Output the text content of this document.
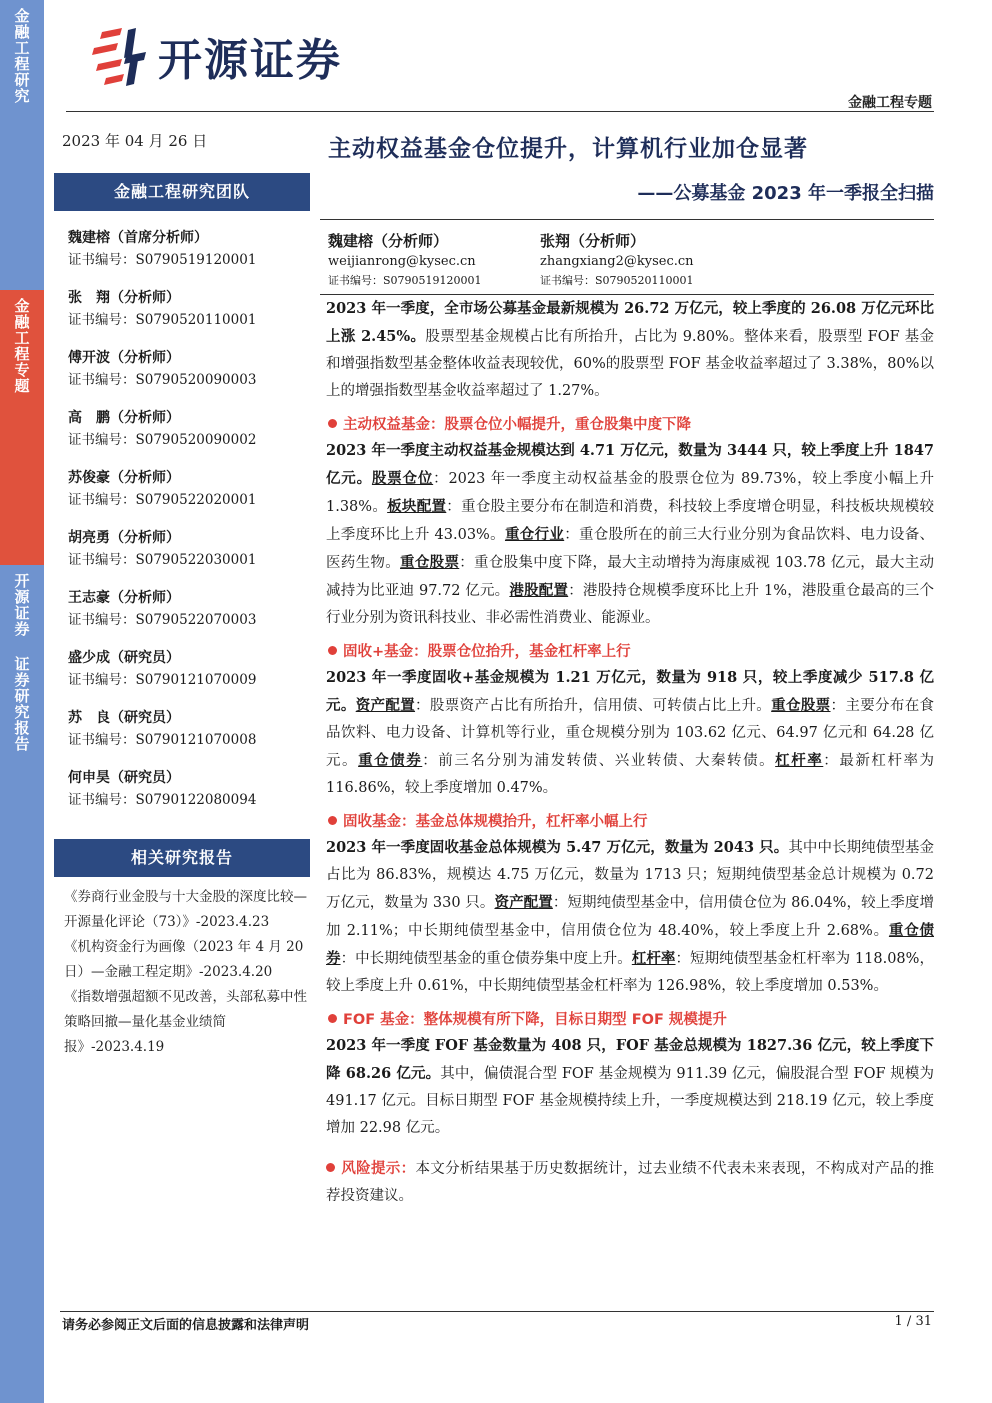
金融工程研究
金融工程专题
开源证券 证券研究报告
开源证券
金融工程专题
2023 年 04 月 26 日
金融工程研究团队
魏建榕（首席分析师）
证书编号：S0790519120001
张　翔（分析师）
证书编号：S0790520110001
傅开波（分析师）
证书编号：S0790520090003
高　鹏（分析师）
证书编号：S0790520090002
苏俊豪（分析师）
证书编号：S0790522020001
胡亮勇（分析师）
证书编号：S0790522030001
王志豪（分析师）
证书编号：S0790522070003
盛少成（研究员）
证书编号：S0790121070009
苏　良（研究员）
证书编号：S0790121070008
何申昊（研究员）
证书编号：S0790122080094
相关研究报告
《券商行业金股与十大金股的深度比较—开源量化评论（73）》-2023.4.23
《机构资金行为画像（2023 年 4 月 20 日）—金融工程定期》-2023.4.20
《指数增强超额不见改善，头部私募中性策略回撤—量化基金业绩简报》-2023.4.19
主动权益基金仓位提升，计算机行业加仓显著
——公募基金 2023 年一季报全扫描
魏建榕（分析师）
weijianrong@kysec.cn
证书编号：S0790519120001
张翔（分析师）
zhangxiang2@kysec.cn
证书编号：S0790520110001
2023 年一季度，全市场公募基金最新规模为 26.72 万亿元，较上季度的 26.08 万亿元环比上涨 2.45%。股票型基金规模占比有所抬升，占比为 9.80%。整体来看，股票型 FOF 基金和增强指数型基金整体收益表现较优，60%的股票型 FOF 基金收益率超过了 3.38%，80%以上的增强指数型基金收益率超过了 1.27%。
主动权益基金：股票仓位小幅提升，重仓股集中度下降
2023 年一季度主动权益基金规模达到 4.71 万亿元，数量为 3444 只，较上季度上升 1847 亿元。股票仓位：2023 年一季度主动权益基金的股票仓位为 89.73%，较上季度小幅上升 1.38%。板块配置：重仓股主要分布在制造和消费，科技较上季度增仓明显，科技板块规模较上季度环比上升 43.03%。重仓行业：重仓股所在的前三大行业分别为食品饮料、电力设备、医药生物。重仓股票：重仓股集中度下降，最大主动增持为海康威视 103.78 亿元，最大主动减持为比亚迪 97.72 亿元。港股配置：港股持仓规模季度环比上升 1%，港股重仓最高的三个行业分别为资讯科技业、非必需性消费业、能源业。
固收+基金：股票仓位抬升，基金杠杆率上行
2023 年一季度固收+基金规模为 1.21 万亿元，数量为 918 只，较上季度减少 517.8 亿元。资产配置：股票资产占比有所抬升，信用债、可转债占比上升。重仓股票：主要分布在食品饮料、电力设备、计算机等行业，重仓规模分别为 103.62 亿元、64.97 亿元和 64.28 亿元。重仓债券：前三名分别为浦发转债、兴业转债、大秦转债。杠杆率：最新杠杆率为 116.86%，较上季度增加 0.47%。
固收基金：基金总体规模抬升，杠杆率小幅上行
2023 年一季度固收基金总体规模为 5.47 万亿元，数量为 2043 只。其中中长期纯债型基金占比为 86.83%，规模达 4.75 万亿元，数量为 1713 只；短期纯债型基金总计规模为 0.72 万亿元，数量为 330 只。资产配置：短期纯债型基金中，信用债仓位为 86.04%，较上季度增加 2.11%；中长期纯债型基金中，信用债仓位为 48.40%，较上季度上升 2.68%。重仓债券：中长期纯债型基金的重仓债券集中度上升。杠杆率：短期纯债型基金杠杆率为 118.08%，较上季度上升 0.61%，中长期纯债型基金杠杆率为 126.98%，较上季度增加 0.53%。
FOF 基金：整体规模有所下降，目标日期型 FOF 规模提升
2023 年一季度 FOF 基金数量为 408 只，FOF 基金总规模为 1827.36 亿元，较上季度下降 68.26 亿元。其中，偏债混合型 FOF 基金规模为 911.39 亿元，偏股混合型 FOF 规模为 491.17 亿元。目标日期型 FOF 基金规模持续上升，一季度规模达到 218.19 亿元，较上季度增加 22.98 亿元。
风险提示：本文分析结果基于历史数据统计，过去业绩不代表未来表现，不构成对产品的推荐投资建议。
请务必参阅正文后面的信息披露和法律声明	1 / 31
